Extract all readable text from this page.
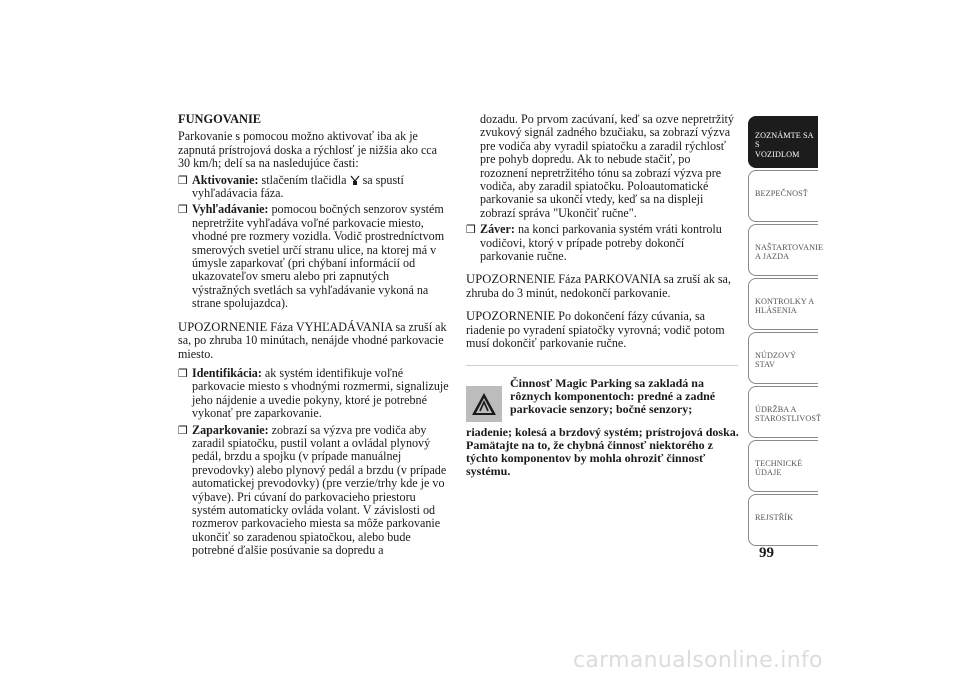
FUNGOVANIE

Parkovanie s pomocou možno aktivovať iba ak je zapnutá prístrojová doska a rýchlosť je nižšia ako cca 30 km/h; delí sa na nasledujúce časti:

❒ Aktivovanie: stlačením tlačidla sa spustí vyhľadávacia fáza.
❒ Vyhľadávanie: pomocou bočných senzorov systém nepretržite vyhľadáva voľné parkovacie miesto, vhodné pre rozmery vozidla. Vodič prostredníctvom smerových svetiel určí stranu ulice, na ktorej má v úmysle zaparkovať (pri chýbaní informácií od ukazovateľov smeru alebo pri zapnutých výstražných svetlách sa vyhľadávanie vykoná na strane spolujazdca).
UPOZORNENIE Fáza VYHĽADÁVANIA sa zruší ak sa, po zhruba 10 minútach, nenájde vhodné parkovacie miesto.
❒ Identifikácia: ak systém identifikuje voľné parkovacie miesto s vhodnými rozmermi, signalizuje jeho nájdenie a uvedie pokyny, ktoré je potrebné vykonať pre zaparkovanie.
❒ Zaparkovanie: zobrazí sa výzva pre vodiča aby zaradil spiatočku, pustil volant a ovládal plynový pedál, brzdu a spojku (v prípade manuálnej prevodovky) alebo plynový pedál a brzdu (v prípade automatickej prevodovky) (pre verzie/trhy kde je vo výbave). Pri cúvaní do parkovacieho priestoru systém automaticky ovláda volant. V závislosti od rozmerov parkovacieho miesta sa môže parkovanie ukončiť so zaradenou spiatočkou, alebo bude potrebné ďalšie posúvanie sa dopredu a

dozadu. Po prvom zacúvaní, keď sa ozve nepretržitý zvukový signál zadného bzučiaku, sa zobrazí výzva pre vodiča aby vyradil spiatočku a zaradil rýchlosť pre pohyb dopredu. Ak to nebude stačiť, po rozoznení nepretržitého tónu sa zobrazí výzva pre vodiča, aby zaradil spiatočku. Poloautomatické parkovanie sa ukončí vtedy, keď sa na displeji zobrazí správa "Ukončiť ručne".

❒ Záver: na konci parkovania systém vráti kontrolu vodičovi, ktorý v prípade potreby dokončí parkovanie ručne.
UPOZORNENIE Fáza PARKOVANIA sa zruší ak sa, zhruba do 3 minút, nedokončí parkovanie.
UPOZORNENIE Po dokončení fázy cúvania, sa riadenie po vyradení spiatočky vyrovná; vodič potom musí dokončiť parkovanie ručne.
Činnosť Magic Parking sa zakladá na rôznych komponentoch: predné a zadné parkovacie senzory; bočné senzory;
riadenie; kolesá a brzdový systém; prístrojová doska. Pamätajte na to, že chybná činnosť niektorého z týchto komponentov by mohla ohroziť činnosť systému.
ZOZNÁMTE SA S
VOZIDLOM
BEZPEČNOSŤ
NAŠTARTOVANIE
A JAZDA
KONTROLKY A
HLÁSENIA
NÚDZOVÝ STAV
ÚDRŽBA A
STAROSTLIVOSŤ
TECHNICKÉ
ÚDAJE
REJSTŘÍK
99
carmanualsonline.info
